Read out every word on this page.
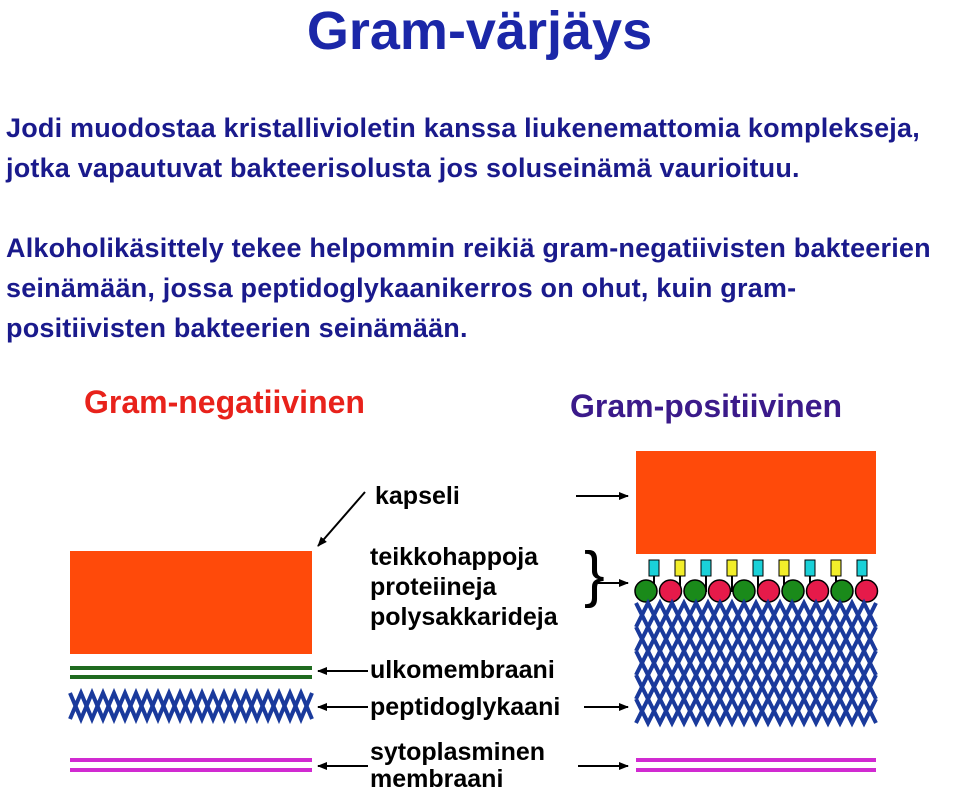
Gram-värjäys

Jodi muodostaa kristallivioletin kanssa liukenemattomia komplekseja, jotka vapautuvat bakteerisolusta jos soluseinämä vaurioituu.

Alkoholikäsittely tekee helpommin reikiä gram-negatiivisten bakteerien seinämään, jossa peptidoglykaanikerros on ohut, kuin gram-positiivisten bakteerien seinämään.

Gram-negatiivinen	Gram-positiivinen
kapseli
teikkohappoja
proteiineja
polysakkarideja
}
ulkomembraani
peptidoglykaani
sytoplasminen
membraani
